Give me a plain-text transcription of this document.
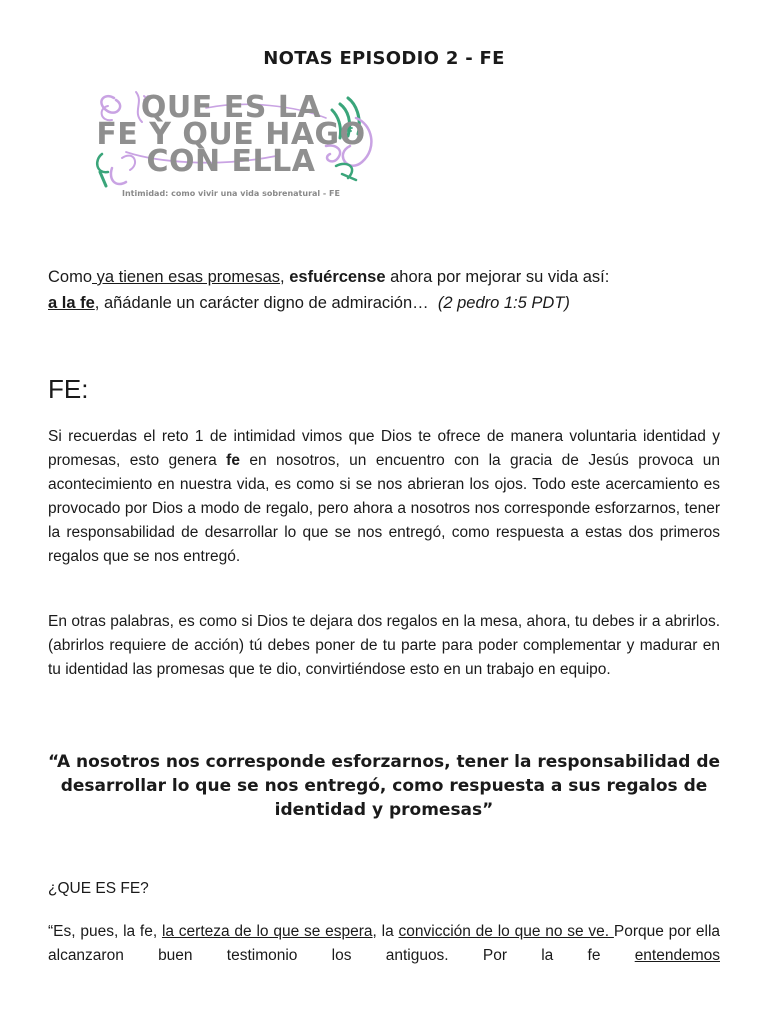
NOTAS EPISODIO 2 - FE
QUE ES LA
FE Y QUE HAGO
CON ELLA
Intimidad: como vivir una vida sobrenatural - FE
Como ya tienen esas promesas, esfuércense ahora por mejorar su vida así:
a la fe, añádanle un carácter digno de admiración… (2 pedro 1:5 PDT)
FE:

Si recuerdas el reto 1 de intimidad vimos que Dios te ofrece de manera voluntaria identidad y promesas, esto genera fe en nosotros, un encuentro con la gracia de Jesús provoca un acontecimiento en nuestra vida, es como si se nos abrieran los ojos. Todo este acercamiento es provocado por Dios a modo de regalo, pero ahora a nosotros nos corresponde esforzarnos, tener la responsabilidad de desarrollar lo que se nos entregó, como respuesta a estas dos primeros regalos que se nos entregó.

En otras palabras, es como si Dios te dejara dos regalos en la mesa, ahora, tu debes ir a abrirlos. (abrirlos requiere de acción) tú debes poner de tu parte para poder complementar y madurar en tu identidad las promesas que te dio, convirtiéndose esto en un trabajo en equipo.

“A nosotros nos corresponde esforzarnos, tener la responsabilidad de desarrollar lo que se nos entregó, como respuesta a sus regalos de identidad y promesas”

¿QUE ES FE?

“Es, pues, la fe, la certeza de lo que se espera, la convicción de lo que no se ve. Porque por ella alcanzaron buen testimonio los antiguos. Por la fe entendemos
